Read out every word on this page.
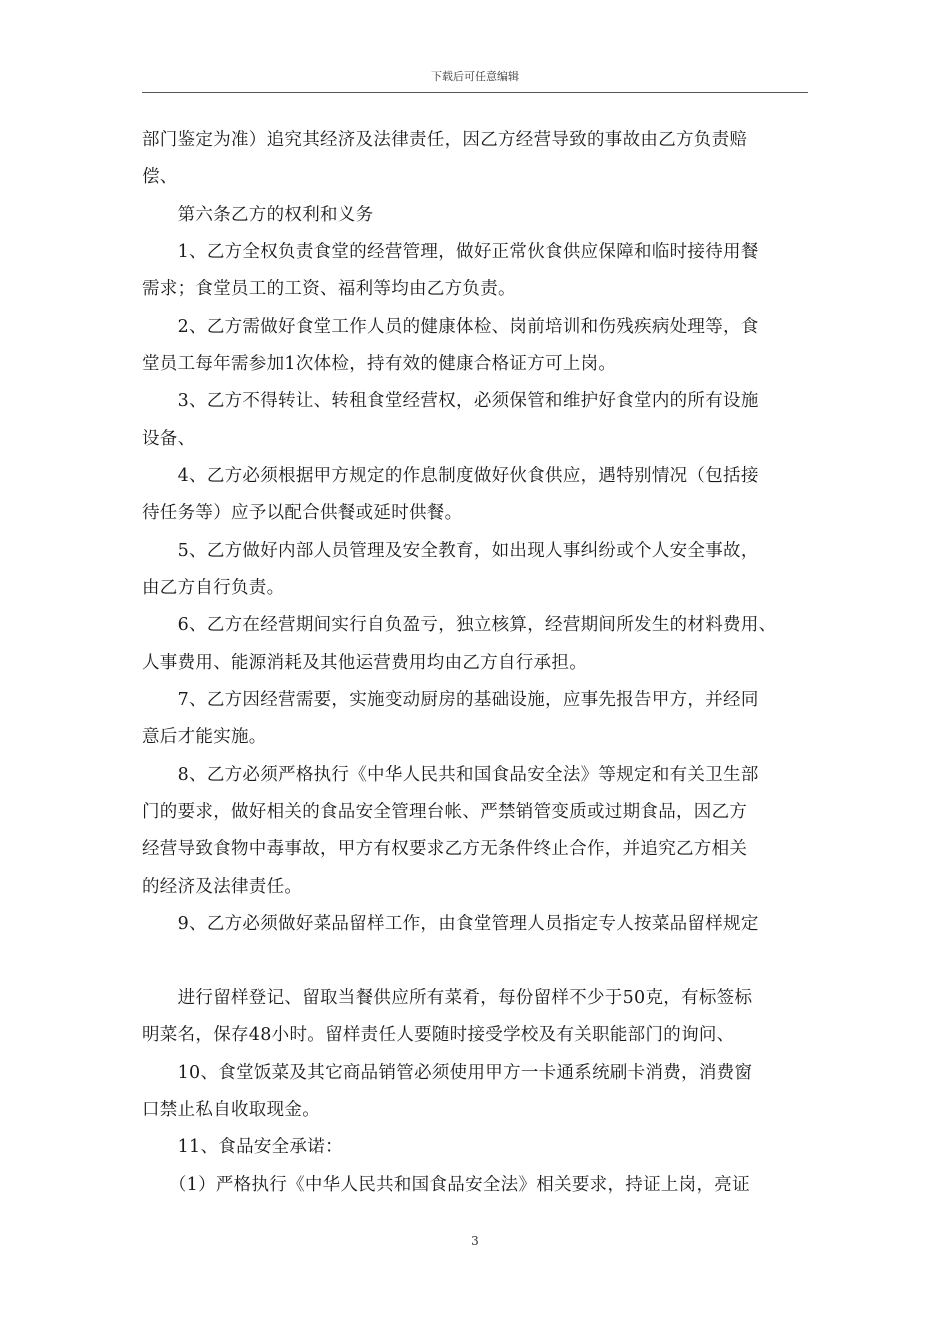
下载后可任意编辑
部门鉴定为准）追究其经济及法律责任，因乙方经营导致的事故由乙方负责赔
偿、
　　第六条乙方的权利和义务
　　1、乙方全权负责食堂的经营管理，做好正常伙食供应保障和临时接待用餐
需求；食堂员工的工资、福利等均由乙方负责。
　　2、乙方需做好食堂工作人员的健康体检、岗前培训和伤残疾病处理等，食
堂员工每年需参加1次体检，持有效的健康合格证方可上岗。
　　3、乙方不得转让、转租食堂经营权，必须保管和维护好食堂内的所有设施
设备、
　　4、乙方必须根据甲方规定的作息制度做好伙食供应，遇特别情况（包括接
待任务等）应予以配合供餐或延时供餐。
　　5、乙方做好内部人员管理及安全教育，如出现人事纠纷或个人安全事故，
由乙方自行负责。
　　6、乙方在经营期间实行自负盈亏，独立核算，经营期间所发生的材料费用、
人事费用、能源消耗及其他运营费用均由乙方自行承担。
　　7、乙方因经营需要，实施变动厨房的基础设施，应事先报告甲方，并经同
意后才能实施。
　　8、乙方必须严格执行《中华人民共和国食品安全法》等规定和有关卫生部
门的要求，做好相关的食品安全管理台帐、严禁销管变质或过期食品，因乙方
经营导致食物中毒事故，甲方有权要求乙方无条件终止合作，并追究乙方相关
的经济及法律责任。
　　9、乙方必须做好菜品留样工作，由食堂管理人员指定专人按菜品留样规定
　　进行留样登记、留取当餐供应所有菜肴，每份留样不少于50克，有标签标
明菜名，保存48小时。留样责任人要随时接受学校及有关职能部门的询问、
　　10、食堂饭菜及其它商品销管必须使用甲方一卡通系统刷卡消费，消费窗
口禁止私自收取现金。
　　11、食品安全承诺：
　　（1）严格执行《中华人民共和国食品安全法》相关要求，持证上岗，亮证
3
